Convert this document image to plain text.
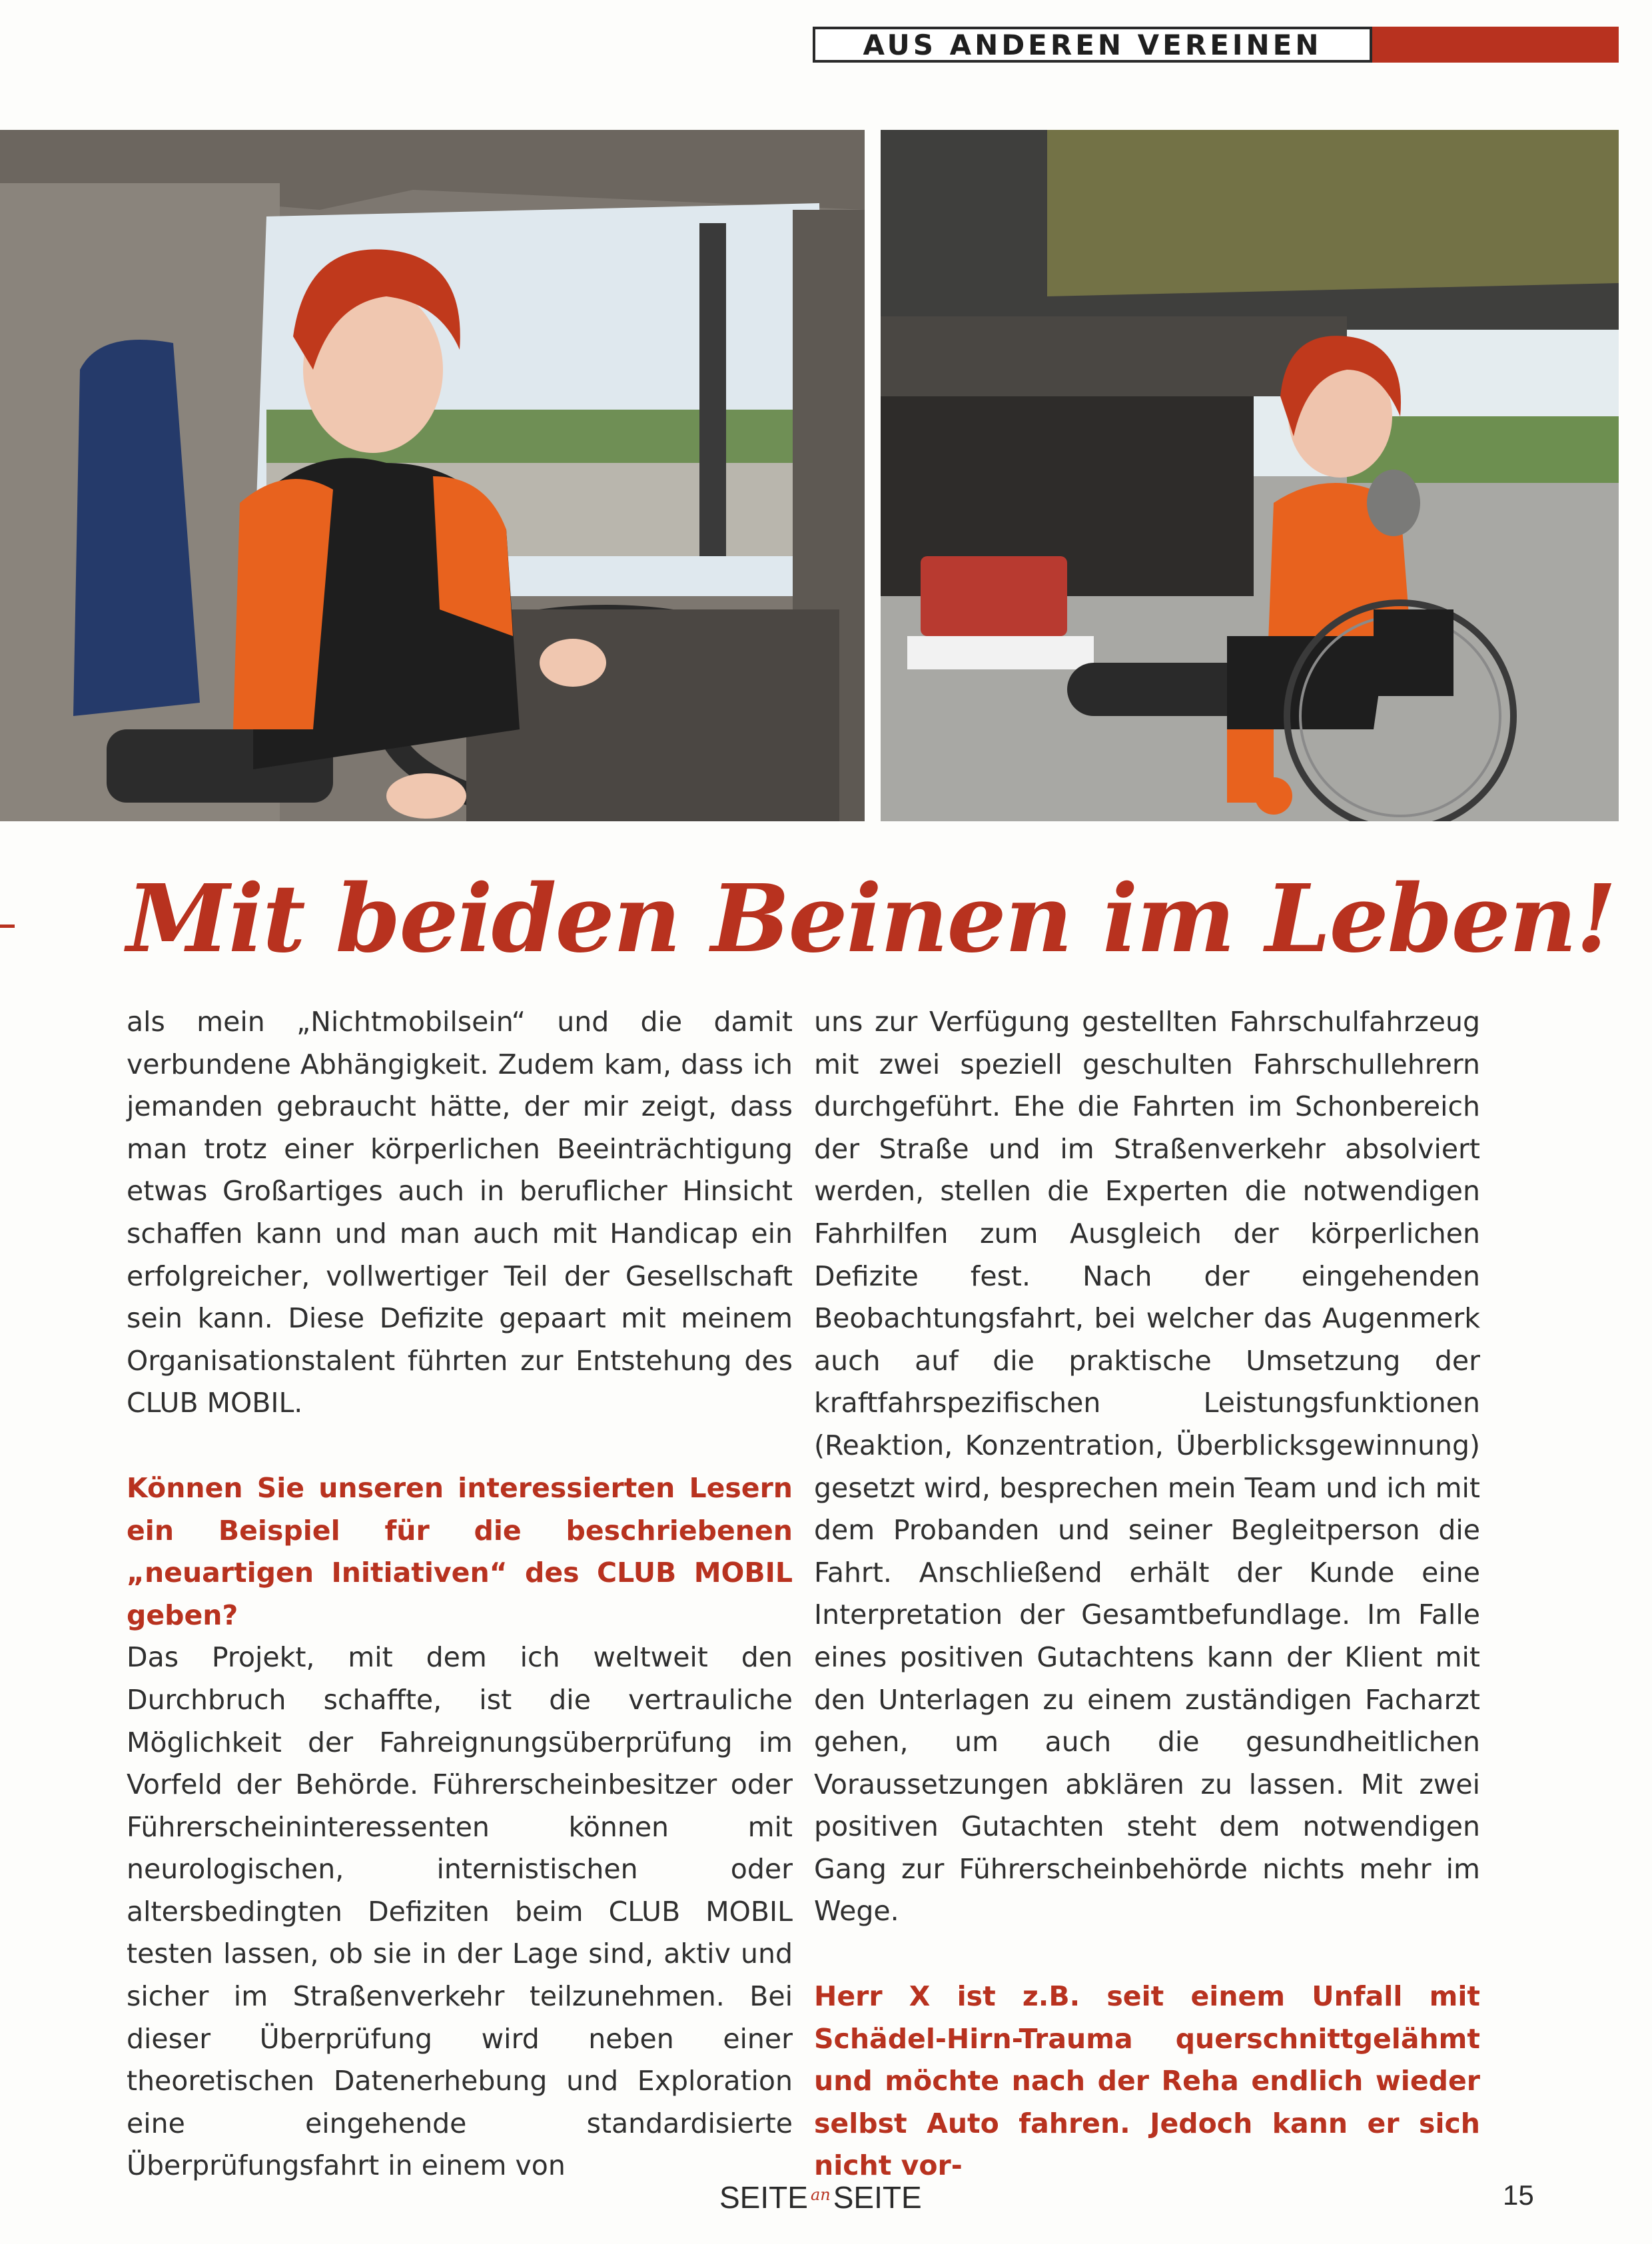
AUS ANDEREN VEREINEN
Mit beiden Beinen im Leben!

als mein „Nichtmobilsein“ und die damit verbundene Abhängigkeit. Zudem kam, dass ich jemanden gebraucht hätte, der mir zeigt, dass man trotz einer körperlichen Beeinträchtigung etwas Großartiges auch in beruflicher Hinsicht schaffen kann und man auch mit Handicap ein erfolgreicher, vollwertiger Teil der Gesellschaft sein kann. Diese Defizite gepaart mit meinem Organisationstalent führten zur Entstehung des CLUB MOBIL.

Können Sie unseren interessierten Lesern ein Beispiel für die beschriebenen „neuartigen Initiativen“ des CLUB MOBIL geben?

Das Projekt, mit dem ich weltweit den Durchbruch schaffte, ist die vertrauliche Möglichkeit der Fahreignungsüberprüfung im Vorfeld der Behörde. Führerscheinbesitzer oder Führerscheininteressenten können mit neurologischen, internistischen oder altersbedingten Defiziten beim CLUB MOBIL testen lassen, ob sie in der Lage sind, aktiv und sicher im Straßenverkehr teilzunehmen. Bei dieser Überprüfung wird neben einer theoretischen Datenerhebung und Exploration eine eingehende standardisierte Überprüfungsfahrt in einem von

uns zur Verfügung gestellten Fahrschulfahrzeug mit zwei speziell geschulten Fahrschullehrern durchgeführt. Ehe die Fahrten im Schonbereich der Straße und im Straßenverkehr absolviert werden, stellen die Experten die notwendigen Fahrhilfen zum Ausgleich der körperlichen Defizite fest. Nach der eingehenden Beobachtungsfahrt, bei welcher das Augenmerk auch auf die praktische Umsetzung der kraftfahrspezifischen Leistungsfunktionen (Reaktion, Konzentration, Überblicksgewinnung) gesetzt wird, besprechen mein Team und ich mit dem Probanden und seiner Begleitperson die Fahrt. Anschließend erhält der Kunde eine Interpretation der Gesamtbefundlage. Im Falle eines positiven Gutachtens kann der Klient mit den Unterlagen zu einem zuständigen Facharzt gehen, um auch die gesundheitlichen Voraussetzungen abklären zu lassen. Mit zwei positiven Gutachten steht dem notwendigen Gang zur Führerscheinbehörde nichts mehr im Wege.

Herr X ist z.B. seit einem Unfall mit Schädel-Hirn-Trauma querschnittgelähmt und möchte nach der Reha endlich wieder selbst Auto fahren. Jedoch kann er sich nicht vor-

SEITE $^{an}$SEITE	15
